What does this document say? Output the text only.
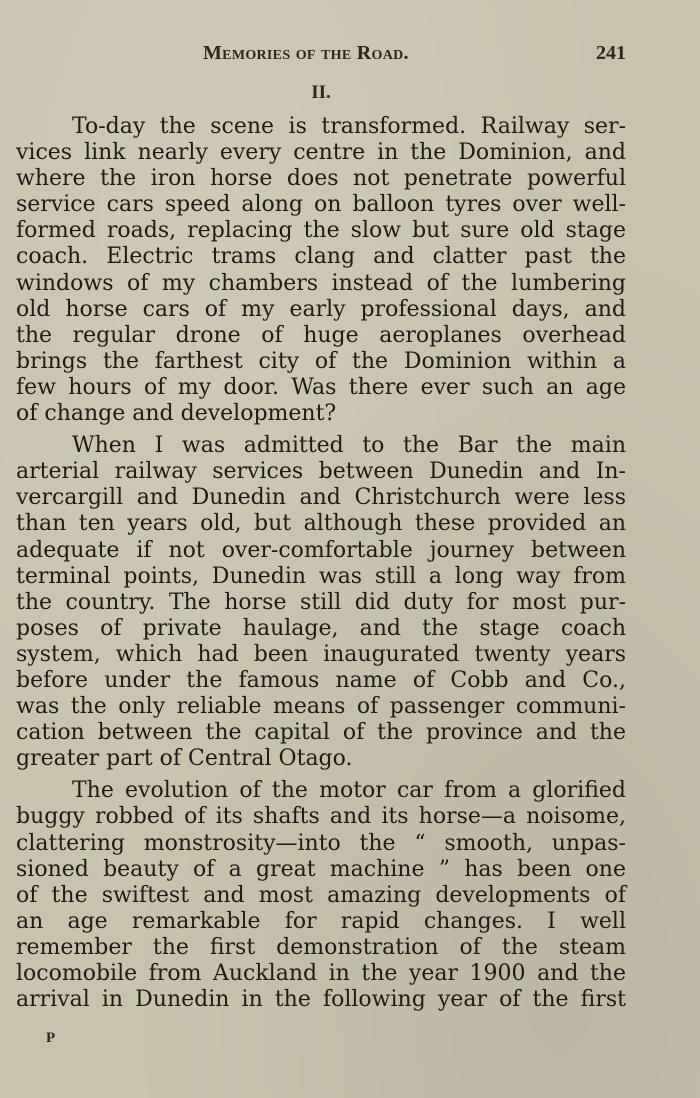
Memories of the Road.	241
II.
To-day the scene is transformed. Railway ser-
vices link nearly every centre in the Dominion, and
where the iron horse does not penetrate powerful
service cars speed along on balloon tyres over well-
formed roads, replacing the slow but sure old stage
coach. Electric trams clang and clatter past the
windows of my chambers instead of the lumbering
old horse cars of my early professional days, and
the regular drone of huge aeroplanes overhead
brings the farthest city of the Dominion within a
few hours of my door. Was there ever such an age
of change and development?
When I was admitted to the Bar the main
arterial railway services between Dunedin and In-
vercargill and Dunedin and Christchurch were less
than ten years old, but although these provided an
adequate if not over-comfortable journey between
terminal points, Dunedin was still a long way from
the country. The horse still did duty for most pur-
poses of private haulage, and the stage coach
system, which had been inaugurated twenty years
before under the famous name of Cobb and Co.,
was the only reliable means of passenger communi-
cation between the capital of the province and the
greater part of Central Otago.
The evolution of the motor car from a glorified
buggy robbed of its shafts and its horse—a noisome,
clattering monstrosity—into the “ smooth, unpas-
sioned beauty of a great machine ” has been one
of the swiftest and most amazing developments of
an age remarkable for rapid changes. I well
remember the first demonstration of the steam
locomobile from Auckland in the year 1900 and the
arrival in Dunedin in the following year of the first
P
